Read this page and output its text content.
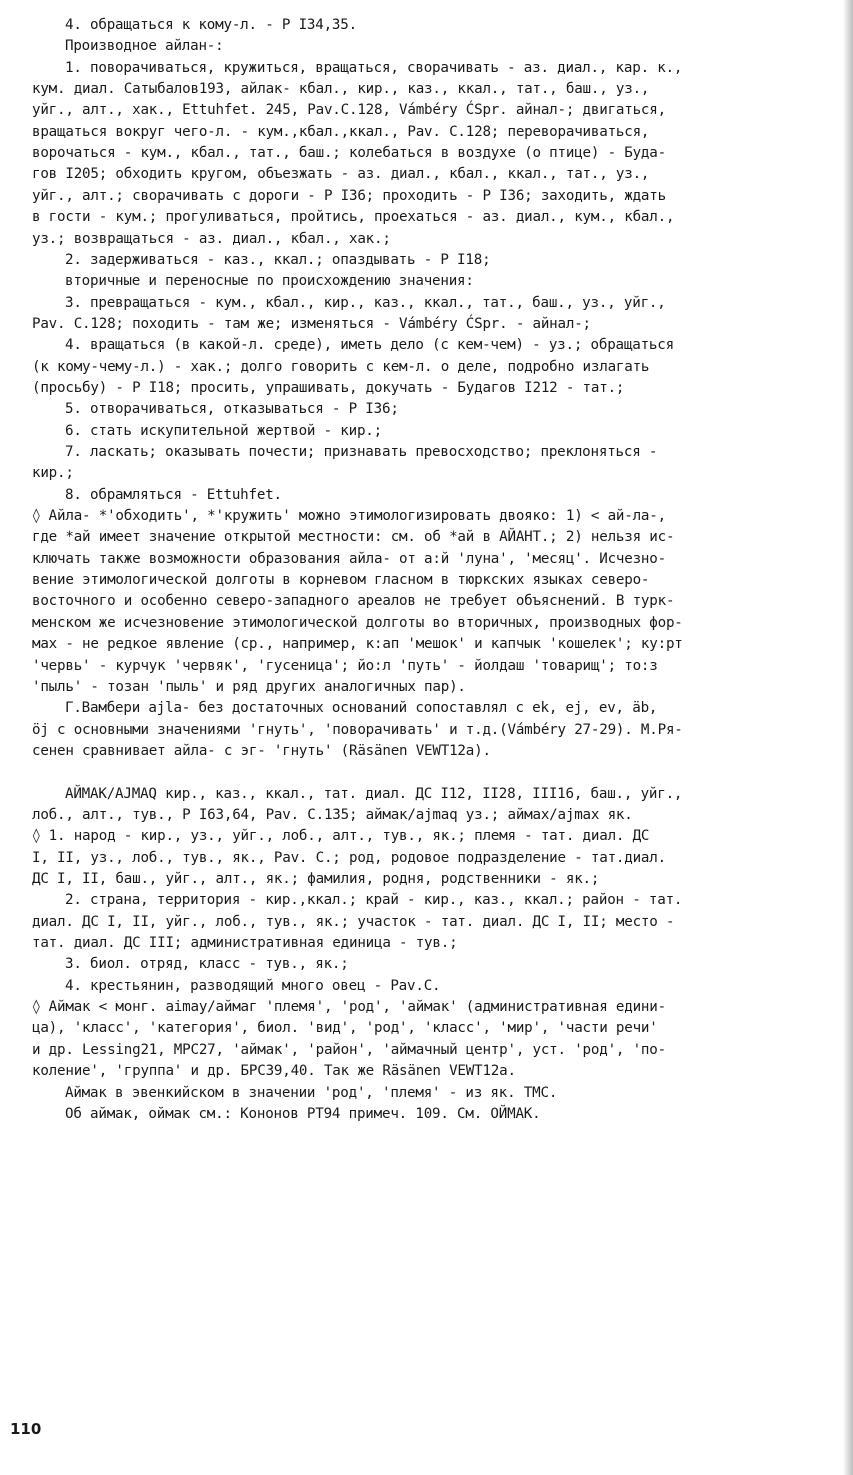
4. обращаться к кому-л. - Р I34,35.
Производное айлан-:
1. поворачиваться, кружиться, вращаться, сворачивать - аз. диал., кар. к.,
кум. диал. Сатыбалов193, айлак- кбал., кир., каз., ккал., тат., баш., уз.,
уйг., алт., хак., Ettuhfet. 245, Pav.C.128, Vámbéry ĆSpr. айнал-; двигаться,
вращаться вокруг чего-л. - кум.,кбал.,ккал., Pav. C.128; переворачиваться,
ворочаться - кум., кбал., тат., баш.; колебаться в воздухе (о птице) - Буда-
гов I205; обходить кругом, объезжать - аз. диал., кбал., ккал., тат., уз.,
уйг., алт.; сворачивать с дороги - Р I36; проходить - Р I36; заходить, ждать
в гости - кум.; прогуливаться, пройтись, проехаться - аз. диал., кум., кбал.,
уз.; возвращаться - аз. диал., кбал., хак.;
2. задерживаться - каз., ккал.; опаздывать - Р I18;
вторичные и переносные по происхождению значения:
3. превращаться - кум., кбал., кир., каз., ккал., тат., баш., уз., уйг.,
Pav. C.128; походить - там же; изменяться - Vámbéry ĆSpr. - айнал-;
4. вращаться (в какой-л. среде), иметь дело (с кем-чем) - уз.; обращаться
(к кому-чему-л.) - хак.; долго говорить с кем-л. о деле, подробно излагать
(просьбу) - Р I18; просить, упрашивать, докучать - Будагов I212 - тат.;
5. отворачиваться, отказываться - Р I36;
6. стать искупительной жертвой - кир.;
7. ласкать; оказывать почести; признавать превосходство; преклоняться -
кир.;
8. обрамляться - Ettuhfet.
◊ Айла- *'обходить', *'кружить' можно этимологизировать двояко: 1) < ай-ла-,
где *ай имеет значение открытой местности: см. об *ай в АЙАНТ.; 2) нельзя ис-
ключать также возможности образования айла- от а:й 'луна', 'месяц'. Исчезно-
вение этимологической долготы в корневом гласном в тюркских языках северо-
восточного и особенно северо-западного ареалов не требует объяснений. В турк-
менском же исчезновение этимологической долготы во вторичных, производных фор-
мах - не редкое явление (ср., например, к:ап 'мешок' и капчык 'кошелек'; ку:рт
'червь' - курчук 'червяк', 'гусеница'; йо:л 'путь' - йолдаш 'товарищ'; то:з
'пыль' - тозан 'пыль' и ряд других аналогичных пар).
Г.Вамбери ajla- без достаточных оснований сопоставлял с ek, ej, ev, äb,
öj с основными значениями 'гнуть', 'поворачивать' и т.д.(Vámbéry 27-29). М.Ря-
сенен сравнивает айла- с эг- 'гнуть' (Räsänen VEWT12a).
АЙМАК/AJMAQ кир., каз., ккал., тат. диал. ДС I12, II28, III16, баш., уйг.,
лоб., алт., тув., Р I63,64, Pav. C.135; аймак/ajmaq уз.; аймах/ajmax як.
◊ 1. народ - кир., уз., уйг., лоб., алт., тув., як.; племя - тат. диал. ДС
I, II, уз., лоб., тув., як., Pav. C.; род, родовое подразделение - тат.диал.
ДС I, II, баш., уйг., алт., як.; фамилия, родня, родственники - як.;
2. страна, территория - кир.,ккал.; край - кир., каз., ккал.; район - тат.
диал. ДС I, II, уйг., лоб., тув., як.; участок - тат. диал. ДС I, II; место -
тат. диал. ДС III; административная единица - тув.;
3. биол. отряд, класс - тув., як.;
4. крестьянин, разводящий много овец - Pav.C.
◊ Аймак < монг. aimay/аймаг 'племя', 'род', 'аймак' (административная едини-
ца), 'класс', 'категория', биол. 'вид', 'род', 'класс', 'мир', 'части речи'
и др. Lessing21, МРС27, 'аймак', 'район', 'аймачный центр', уст. 'род', 'по-
коление', 'группа' и др. БРС39,40. Так же Räsänen VEWT12a.
Аймак в эвенкийском в значении 'род', 'племя' - из як. ТМС.
Об аймак, оймак см.: Кононов РТ94 примеч. 109. См. ОЙМАК.
110
